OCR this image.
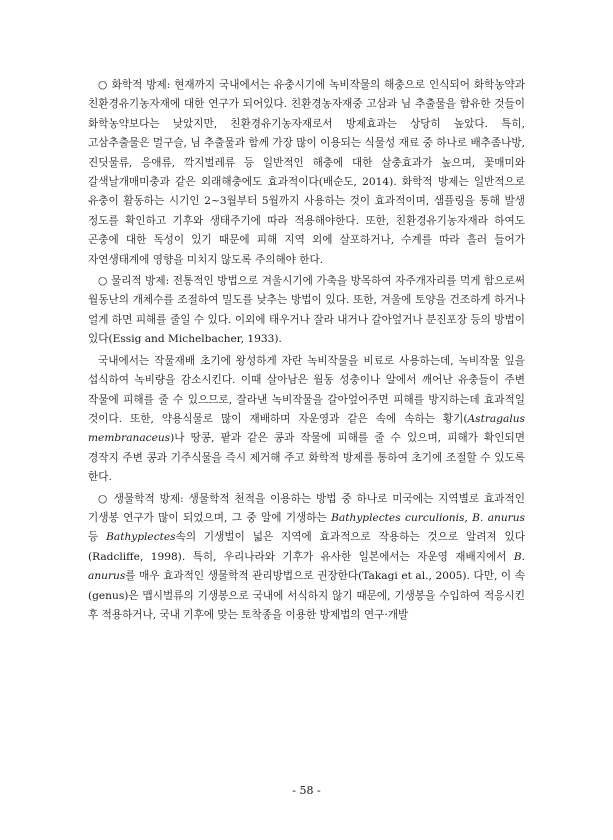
○ 화학적 방제: 현재까지 국내에서는 유충시기에 녹비작물의 해충으로 인식되어 화학농약과 친환경유기농자재에 대한 연구가 되어있다. 친환경농자재중 고삼과 님 추출물을 함유한 것들이 화학농약보다는 낮았지만, 친환경유기농자재로서 방제효과는 상당히 높았다. 특히, 고삼추출물은 멀구슬, 님 추출물과 함께 가장 많이 이용되는 식물성 재료 중 하나로 배추좀나방, 진딧물류, 응애류, 깍지벌레류 등 일반적인 해충에 대한 살충효과가 높으며, 꽃매미와 갈색날개매미충과 같은 외래해충에도 효과적이다(배순도, 2014). 화학적 방제는 일반적으로 유충이 활동하는 시기인 2~3월부터 5월까지 사용하는 것이 효과적이며, 샘플링을 통해 발생 정도를 확인하고 기후와 생태주기에 따라 적용해야한다. 또한, 친환경유기농자재라 하여도 곤충에 대한 독성이 있기 때문에 피해 지역 외에 살포하거나, 수계를 따라 흘러 들어가 자연생태계에 영향을 미치지 않도록 주의해야 한다.

○ 물리적 방제: 전통적인 방법으로 겨울시기에 가축을 방목하여 자주개자리를 먹게 함으로써 월동난의 개체수를 조절하여 밀도를 낮추는 방법이 있다. 또한, 겨울에 토양을 건조하게 하거나 얼게 하면 피해를 줄일 수 있다. 이외에 태우거나 잘라 내거나 갈아엎거나 분진포장 등의 방법이 있다(Essig and Michelbacher, 1933).

국내에서는 작물재배 초기에 왕성하게 자란 녹비작물을 비료로 사용하는데, 녹비작물 잎을 섭식하여 녹비량을 감소시킨다. 이때 살아남은 월동 성충이나 알에서 깨어난 유충들이 주변 작물에 피해를 줄 수 있으므로, 잘라낸 녹비작물을 갈아엎어주면 피해를 방지하는데 효과적일 것이다. 또한, 약용식물로 많이 재배하며 자운영과 같은 속에 속하는 황기(Astragalus membranaceus)나 땅콩, 팥과 같은 콩과 작물에 피해를 줄 수 있으며, 피해가 확인되면 경작지 주변 콩과 기주식물을 즉시 제거해 주고 화학적 방제를 통하여 초기에 조절할 수 있도록 한다.

○ 생물학적 방제: 생물학적 천적을 이용하는 방법 중 하나로 미국에는 지역별로 효과적인 기생봉 연구가 많이 되었으며, 그 중 알에 기생하는 Bathyplectes curculionis, B. anurus 등 Bathyplectes속의 기생벌이 넓은 지역에 효과적으로 작용하는 것으로 알려져 있다(Radcliffe, 1998). 특히, 우리나라와 기후가 유사한 일본에서는 자운영 재배지에서 B. anurus를 매우 효과적인 생물학적 관리방법으로 권장한다(Takagi et al., 2005). 다만, 이 속(genus)은 맵시벌류의 기생봉으로 국내에 서식하지 않기 때문에, 기생봉을 수입하여 적응시킨 후 적용하거나, 국내 기후에 맞는 토착종을 이용한 방제법의 연구·개발

- 58 -
